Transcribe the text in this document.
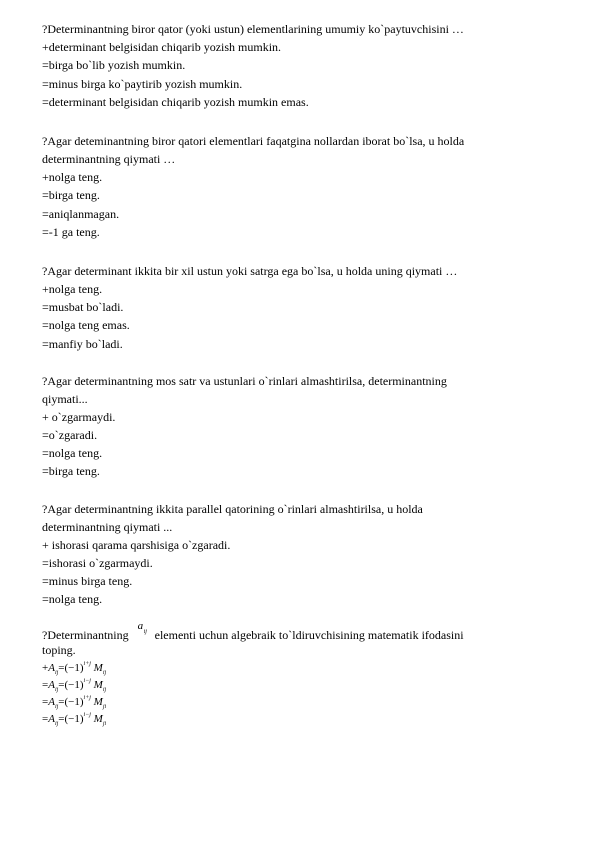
?Determinantning biror qator (yoki ustun) elementlarining umumiy ko`paytuvchisini …
+determinant belgisidan chiqarib yozish mumkin.
=birga bo`lib yozish mumkin.
=minus birga ko`paytirib yozish mumkin.
=determinant belgisidan chiqarib yozish mumkin emas.
?Agar deteminantning biror qatori elementlari faqatgina nollardan iborat bo`lsa, u holda
determinantning qiymati …
+nolga teng.
=birga teng.
=aniqlanmagan.
=-1 ga teng.
?Agar determinant ikkita bir xil ustun yoki satrga ega bo`lsa, u holda uning qiymati …
+nolga teng.
=musbat bo`ladi.
=nolga teng emas.
=manfiy bo`ladi.
?Agar determinantning mos satr va ustunlari o`rinlari almashtirilsa, determinantning
qiymati...
+ o`zgarmaydi.
=o`zgaradi.
=nolga teng.
=birga teng.
?Agar determinantning ikkita parallel qatorining o`rinlari almashtirilsa, u holda
determinantning qiymati ...
+ ishorasi qarama qarshisiga o`zgaradi.
=ishorasi o`zgarmaydi.
=minus birga teng.
=nolga teng.
?Determinantning
a ij elementi uchun algebraik to`ldiruvchisining matematik ifodasini
toping.
$+A_{ij}=(-1)^{i+j}$ $M_{ij}$
$=A_{ij}=(-1)^{i-j}$ $M_{ij}$
$=A_{ij}=(-1)^{i+j}$ $M_{ji}$
$=A_{ij}=(-1)^{i-j}$ $M_{ji}$
